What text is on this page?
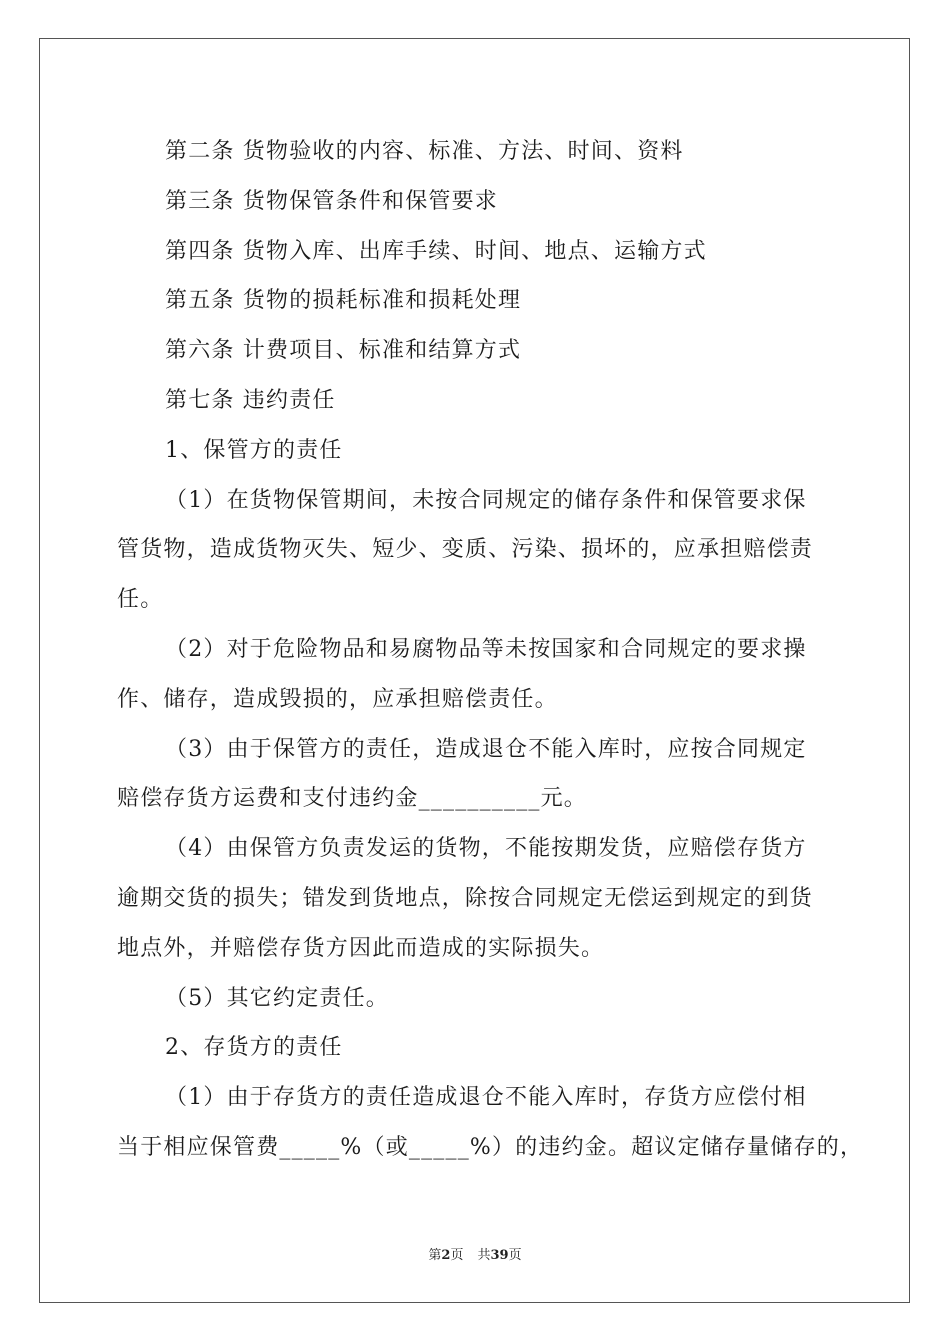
第二条 货物验收的内容、标准、方法、时间、资料
第三条 货物保管条件和保管要求
第四条 货物入库、出库手续、时间、地点、运输方式
第五条 货物的损耗标准和损耗处理
第六条 计费项目、标准和结算方式
第七条 违约责任
1、保管方的责任
（1）在货物保管期间，未按合同规定的储存条件和保管要求保
管货物，造成货物灭失、短少、变质、污染、损坏的，应承担赔偿责
任。
（2）对于危险物品和易腐物品等未按国家和合同规定的要求操
作、储存，造成毁损的，应承担赔偿责任。
（3）由于保管方的责任，造成退仓不能入库时，应按合同规定
赔偿存货方运费和支付违约金__________元。
（4）由保管方负责发运的货物，不能按期发货，应赔偿存货方
逾期交货的损失；错发到货地点，除按合同规定无偿运到规定的到货
地点外，并赔偿存货方因此而造成的实际损失。
（5）其它约定责任。
2、存货方的责任
（1）由于存货方的责任造成退仓不能入库时，存货方应偿付相
当于相应保管费_____%（或_____%）的违约金。超议定储存量储存的，
第2页 共39页
